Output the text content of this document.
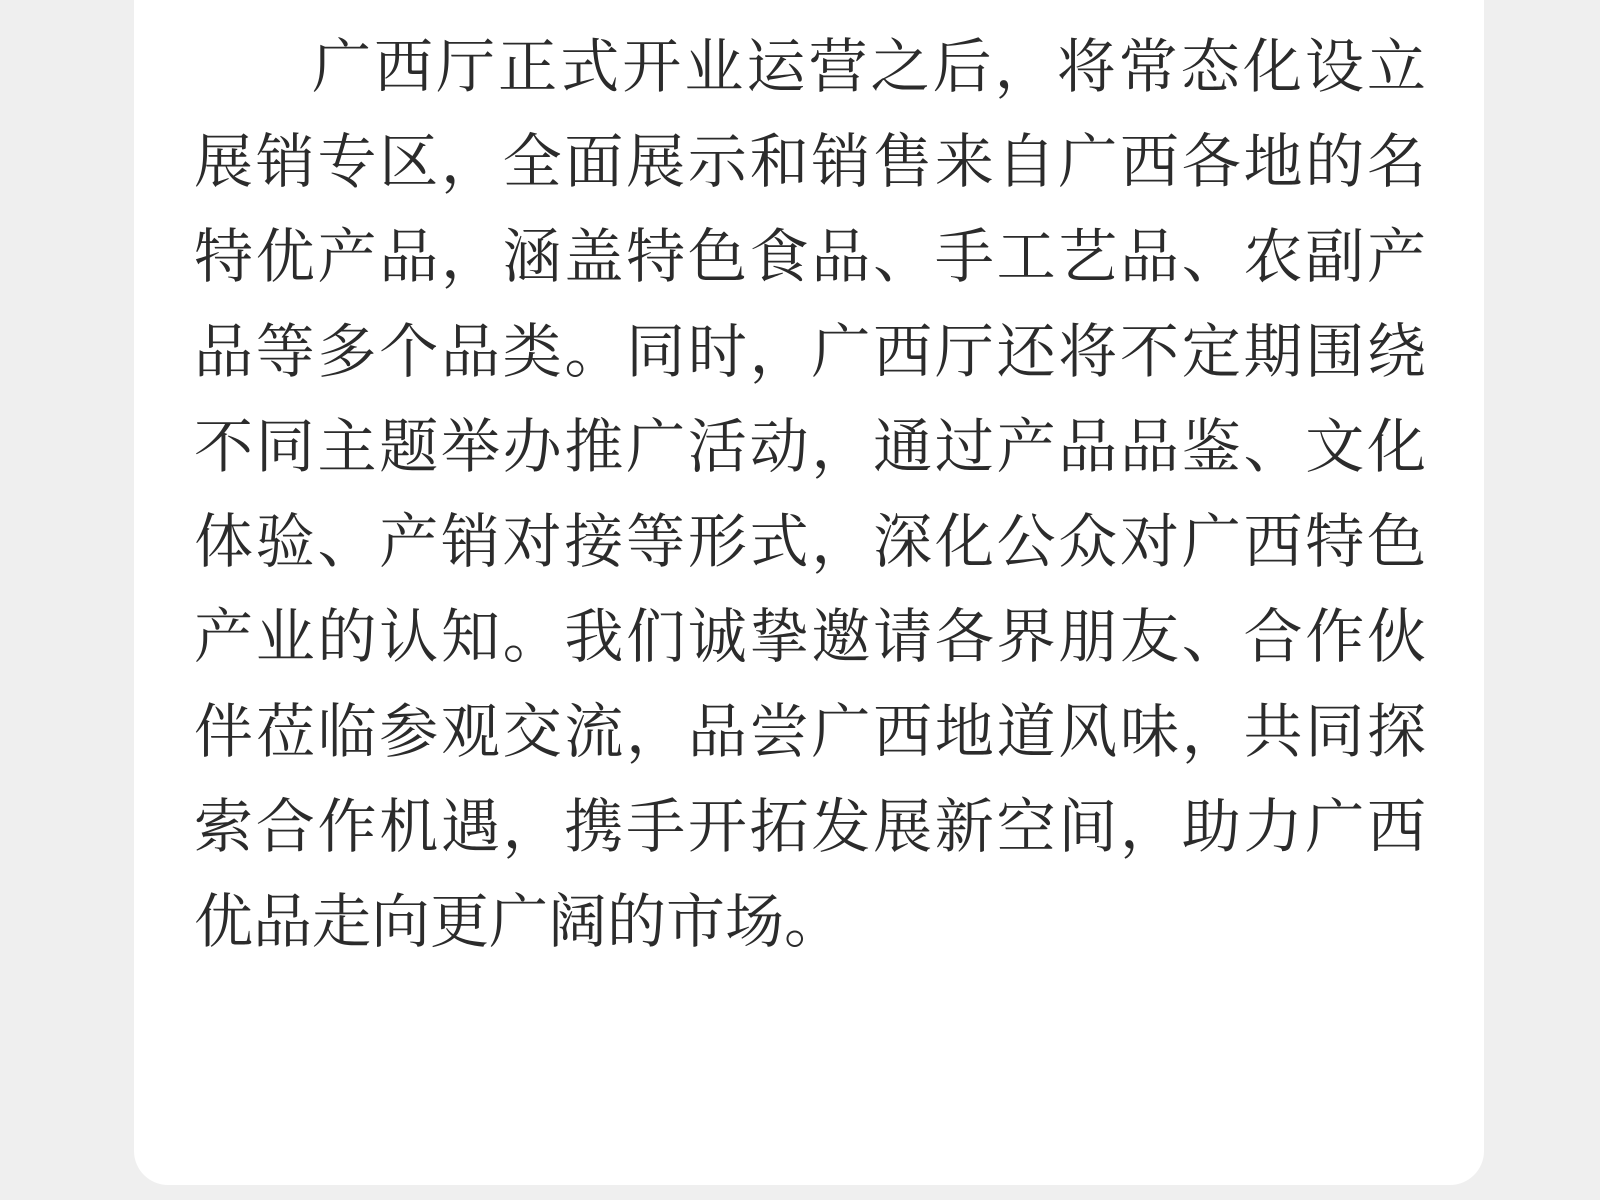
广西厅正式开业运营之后，将常态化设立展销专区，全面展示和销售来自广西各地的名特优产品，涵盖特色食品、手工艺品、农副产品等多个品类。同时，广西厅还将不定期围绕不同主题举办推广活动，通过产品品鉴、文化体验、产销对接等形式，深化公众对广西特色产业的认知。我们诚挚邀请各界朋友、合作伙伴莅临参观交流，品尝广西地道风味，共同探索合作机遇，携手开拓发展新空间，助力广西优品走向更广阔的市场。
